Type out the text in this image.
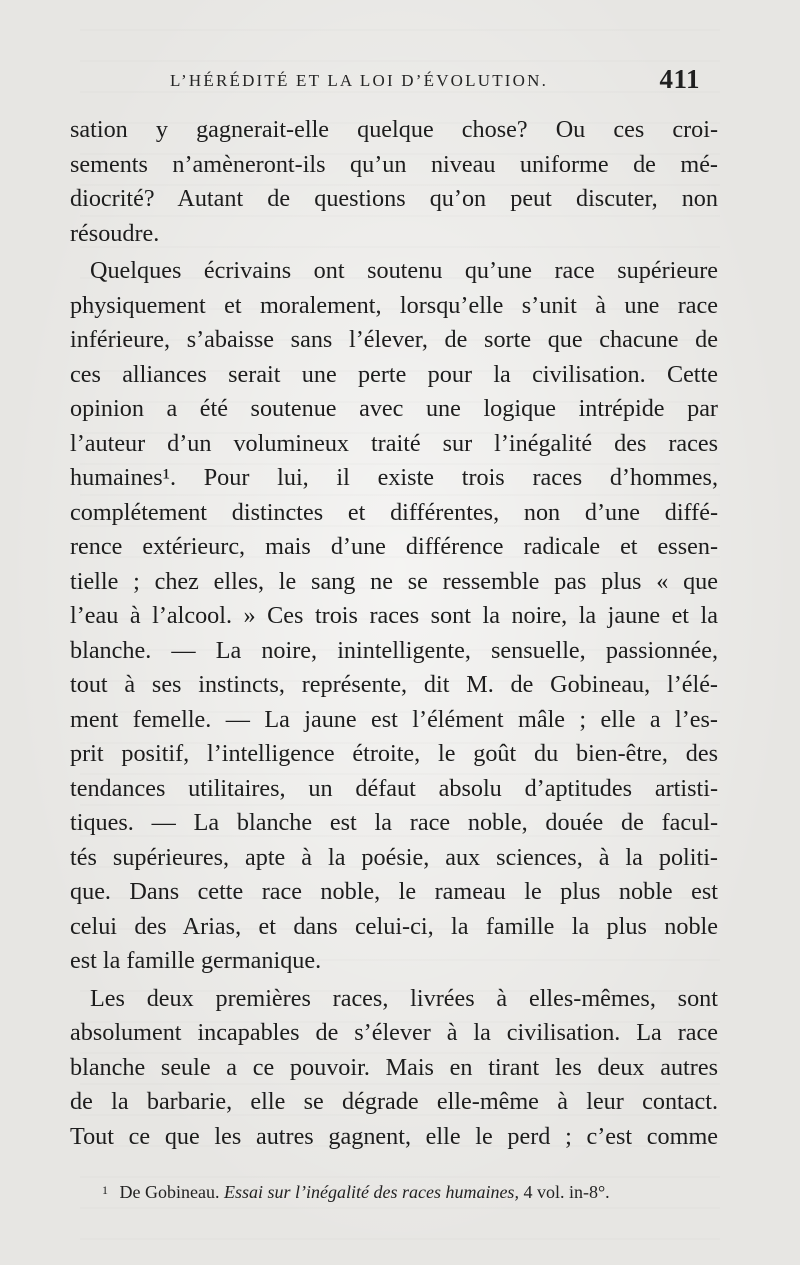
L’HÉRÉDITÉ ET LA LOI D’ÉVOLUTION.	411

sation y gagnerait-elle quelque chose? Ou ces croi-
sements n’amèneront-ils qu’un niveau uniforme de mé-
diocrité? Autant de questions qu’on peut discuter, non
résoudre.

Quelques écrivains ont soutenu qu’une race supérieure
physiquement et moralement, lorsqu’elle s’unit à une race
inférieure, s’abaisse sans l’élever, de sorte que chacune de
ces alliances serait une perte pour la civilisation. Cette
opinion a été soutenue avec une logique intrépide par
l’auteur d’un volumineux traité sur l’inégalité des races
humaines¹. Pour lui, il existe trois races d’hommes,
complétement distinctes et différentes, non d’une diffé-
rence extérieurc, mais d’une différence radicale et essen-
tielle ; chez elles, le sang ne se ressemble pas plus « que
l’eau à l’alcool. » Ces trois races sont la noire, la jaune et la
blanche. — La noire, inintelligente, sensuelle, passionnée,
tout à ses instincts, représente, dit M. de Gobineau, l’élé-
ment femelle. — La jaune est l’élément mâle ; elle a l’es-
prit positif, l’intelligence étroite, le goût du bien-être, des
tendances utilitaires, un défaut absolu d’aptitudes artisti-
tiques. — La blanche est la race noble, douée de facul-
tés supérieures, apte à la poésie, aux sciences, à la politi-
que. Dans cette race noble, le rameau le plus noble est
celui des Arias, et dans celui-ci, la famille la plus noble
est la famille germanique.

Les deux premières races, livrées à elles-mêmes, sont
absolument incapables de s’élever à la civilisation. La race
blanche seule a ce pouvoir. Mais en tirant les deux autres
de la barbarie, elle se dégrade elle-même à leur contact.
Tout ce que les autres gagnent, elle le perd ; c’est comme

$^1$ De Gobineau. Essai sur l’inégalité des races humaines, 4 vol. in-8°.
